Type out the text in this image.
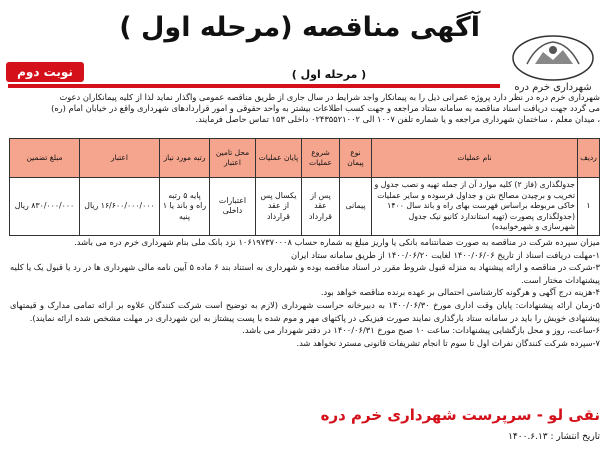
آگهی مناقصه (مرحله اول )
شهرداری خرم دره
نوبت دوم	( مرحله اول )

شهرداری خرم دره در نظر دارد پروژه عمرانی ذیل را به پیمانکار واجد شرایط در سال جاری از طریق مناقصه عمومی واگذار نماید لذا از کلیه پیمانکاران دعوت

می گردد جهت دریافت اسناد مناقصه به سامانه ستاد مراجعه و جهت کسب اطلاعات بیشتر به واحد حقوقی و امور قراردادهای شهرداری واقع در خیابان امام (ره)

، میدان معلم ، ساختمان شهرداری مراجعه و یا شماره تلفن ۱۰۰۷ الی ۰۲۴۳۵۵۲۱۰۰۲ داخلی ۱۵۳ تماس حاصل فرمایند.

ردیف	نام عملیات	نوع پیمان	شروع عملیات	پایان عملیات	محل تامین اعتبار	رتبه مورد نیاز	اعتبار	مبلغ تضمین
۱	جدولگذاری (فاز ۲) کلیه موارد آن از جمله تهیه و نصب جدول و تخریب و برچیدن مصالح بتن و جداول فرسوده و سایر عملیات خاکی مربوطه براساس فهرست بهای راه و باند سال ۱۴۰۰ (جدولگذاری پصورت (تهیه استاندارد کانیو نیک جدول شهرسازی و شهرخوابیده)	پیمانی	پس از عقد قرارداد	یکسال پس از عقد قرارداد	اعتبارات داخلی	پایه ۵ رتبه راه و باند یا ۱ پنیه	۱۶/۶۰۰/۰۰۰/۰۰۰ ریال	۸۳۰/۰۰۰/۰۰۰ ریال

میزان سپرده شرکت در مناقصه به صورت ضمانتنامه بانکی یا واریز مبلغ به شماره حساب ۱۰۶۱۹۷۳۷۰۰۰۸ نزد بانک ملی بنام شهرداری خرم دره می باشد.

۱-مهلت دریافت اسناد از تاریخ ۱۴۰۰/۰۶/۰۶ لغایت ۱۴۰۰/۰۶/۲۰ از طریق سامانه ستاد ایران

۳-شرکت در مناقصه و ارائه پیشنهاد به منزله قبول شروط مقرر در اسناد مناقصه بوده و شهرداری به استناد بند ۶ ماده ۵ آیین نامه مالی شهرداری ها در رد یا قبول یک یا کلیه پیشنهادات مختار است.

۴-هزینه درج آگهی و هرگونه کارشناسی احتمالی بر عهده برنده مناقصه خواهد بود.

۵-زمان ارائه پیشنهادات: پایان وقت اداری مورخ ۱۴۰۰/۰۶/۳۰ به دبیرخانه حراست شهرداری (لازم به توضیح است شرکت کنندگان علاوه بر ارائه تمامی مدارک و قیمتهای پیشنهادی خویش را باید در سامانه ستاد بارگذاری نمایند صورت فیزیکی در پاکتهای مهر و موم شده با پست پیشتاز به این شهرداری در مهلت مشخص شده ارائه نمایند).

۶-ساعت، روز و محل بازگشایی پیشنهادات: ساعت ۱۰ صبح مورخ ۱۴۰۰/۰۶/۳۱ در دفتر شهردار می باشد.

۷-سپرده شرکت کنندگان نفرات اول تا سوم تا انجام تشریفات قانونی مسترد نخواهد شد.

نقی لو - سرپرست شهرداری خرم دره
تاریخ انتشار : ۱۴۰۰.۶.۱۳
